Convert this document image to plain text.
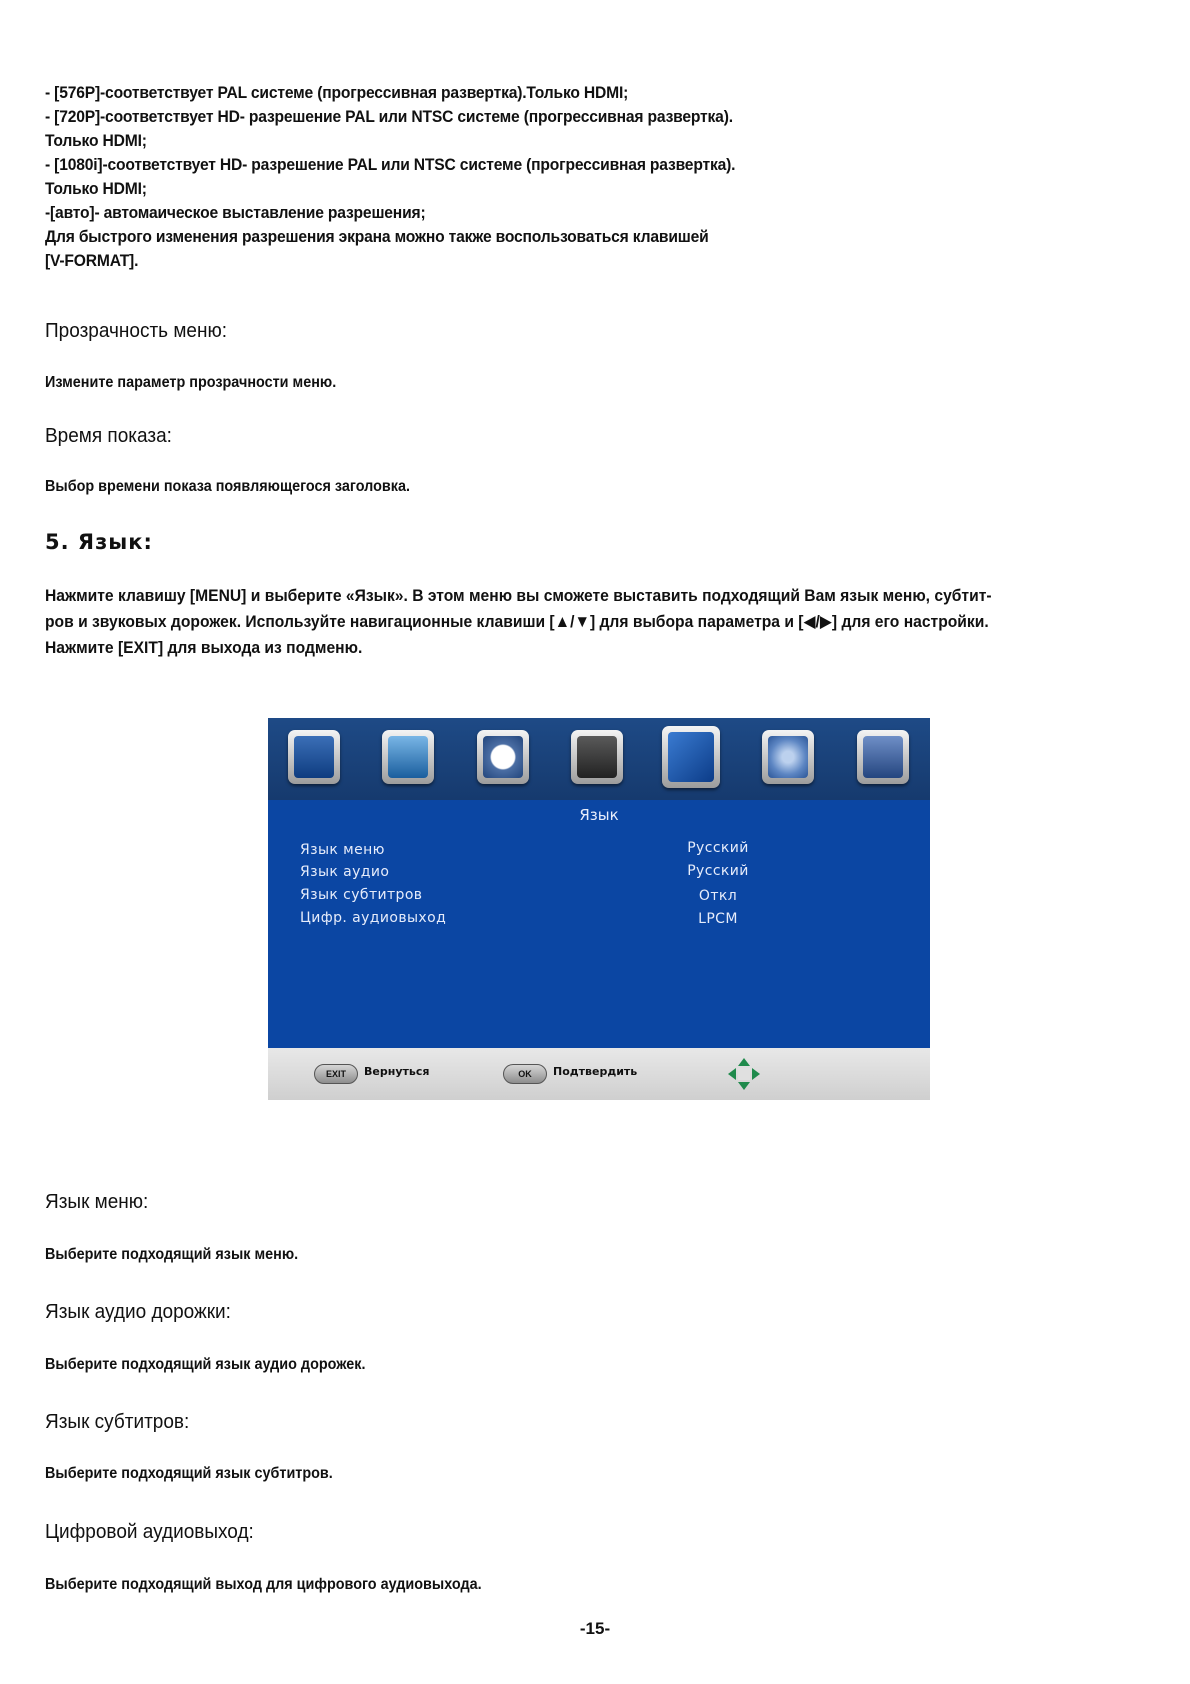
- [576P]-соответствует PAL системе (прогрессивная развертка).Только HDMI;
- [720P]-соответствует HD- разрешение PAL или NTSC системе (прогрессивная развертка).
Только HDMI;
- [1080i]-соответствует HD- разрешение PAL или NTSC системе (прогрессивная развертка).
Только HDMI;
-[авто]- автомаическое выставление разрешения;
Для быстрого изменения разрешения экрана можно также воспользоваться клавишей
[V-FORMAT].
Прозрачность меню:
Измените параметр прозрачности меню.
Время показа:
Выбор времени показа появляющегося заголовка.
5. Язык:
Нажмите клавишу [MENU] и выберите «Язык». В этом меню вы сможете выставить подходящий Вам язык меню, субтит-
ров и звуковых дорожек. Используйте навигационные клавиши [▲/▼] для выбора параметра и [◀/▶] для его настройки.
Нажмите [EXIT] для выхода из подменю.
Язык
Язык меню	Русский
Язык аудио	Русский
Язык субтитров	Откл
Цифр. аудиовыход	LPCM
EXIT	Вернуться	OK	Подтвердить
Язык меню:
Выберите подходящий язык меню.
Язык аудио дорожки:
Выберите подходящий язык аудио дорожек.
Язык субтитров:
Выберите подходящий язык субтитров.
Цифровой аудиовыход:
Выберите подходящий выход для цифрового аудиовыхода.
-15-
